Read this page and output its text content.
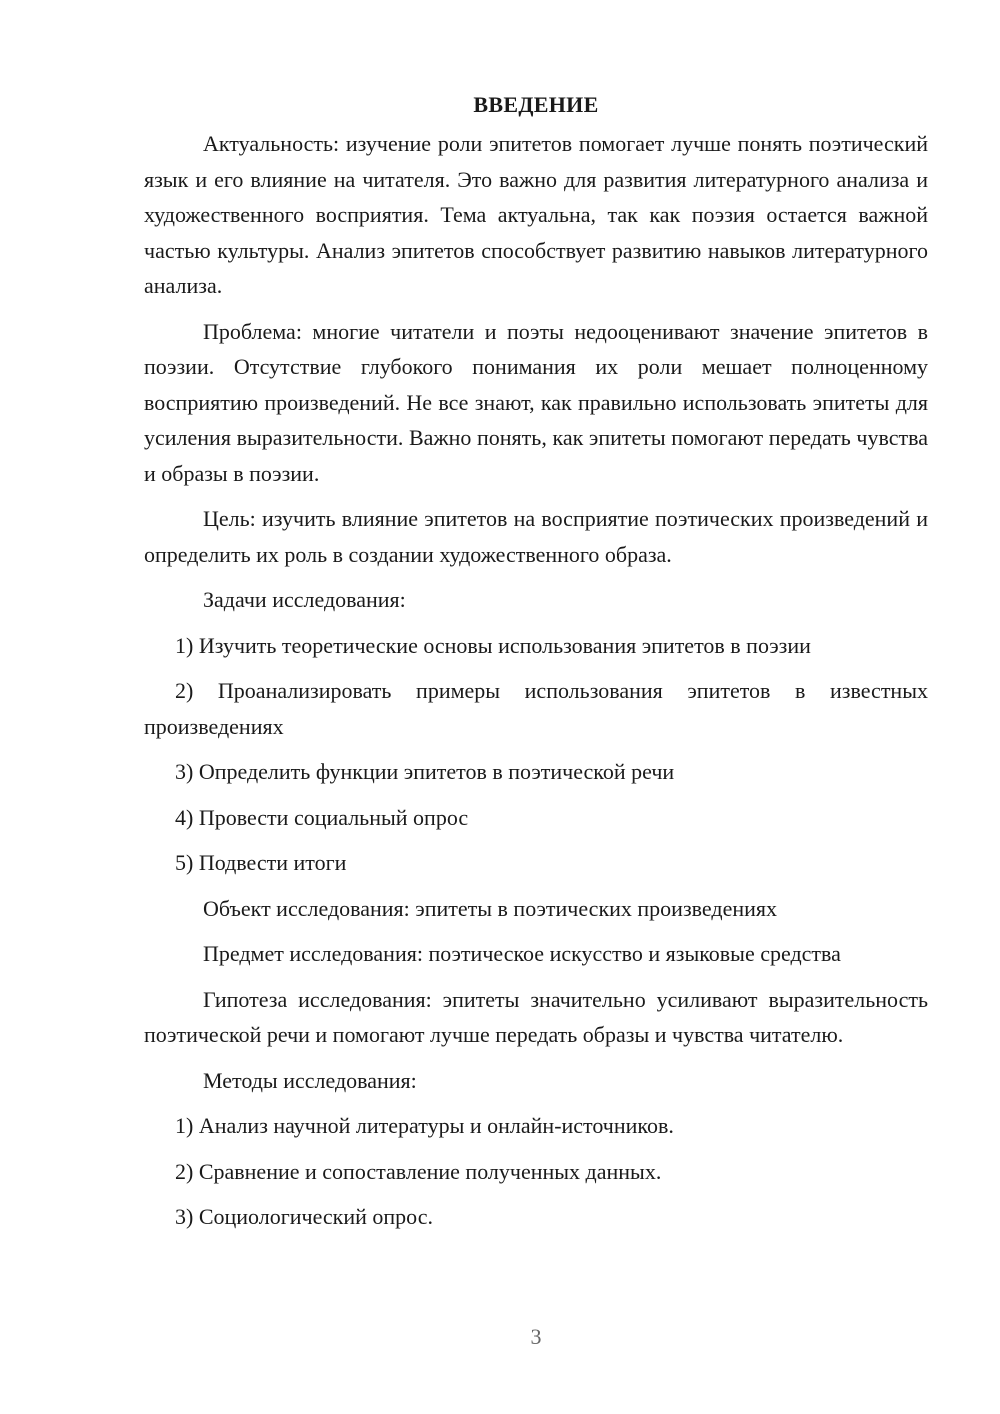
ВВЕДЕНИЕ

Актуальность: изучение роли эпитетов помогает лучше понять поэтический язык и его влияние на читателя. Это важно для развития литературного анализа и художественного восприятия. Тема актуальна, так как поэзия остается важной частью культуры. Анализ эпитетов способствует развитию навыков литературного анализа.

Проблема: многие читатели и поэты недооценивают значение эпитетов в поэзии. Отсутствие глубокого понимания их роли мешает полноценному восприятию произведений. Не все знают, как правильно использовать эпитеты для усиления выразительности. Важно понять, как эпитеты помогают передать чувства и образы в поэзии.

Цель: изучить влияние эпитетов на восприятие поэтических произведений и определить их роль в создании художественного образа.

Задачи исследования:

1) Изучить теоретические основы использования эпитетов в поэзии

2) Проанализировать примеры использования эпитетов в известных произведениях

3) Определить функции эпитетов в поэтической речи

4) Провести социальный опрос

5) Подвести итоги

Объект исследования: эпитеты в поэтических произведениях

Предмет исследования: поэтическое искусство и языковые средства

Гипотеза исследования: эпитеты значительно усиливают выразительность поэтической речи и помогают лучше передать образы и чувства читателю.

Методы исследования:

1) Анализ научной литературы и онлайн-источников.

2) Сравнение и сопоставление полученных данных.

3) Социологический опрос.

3
